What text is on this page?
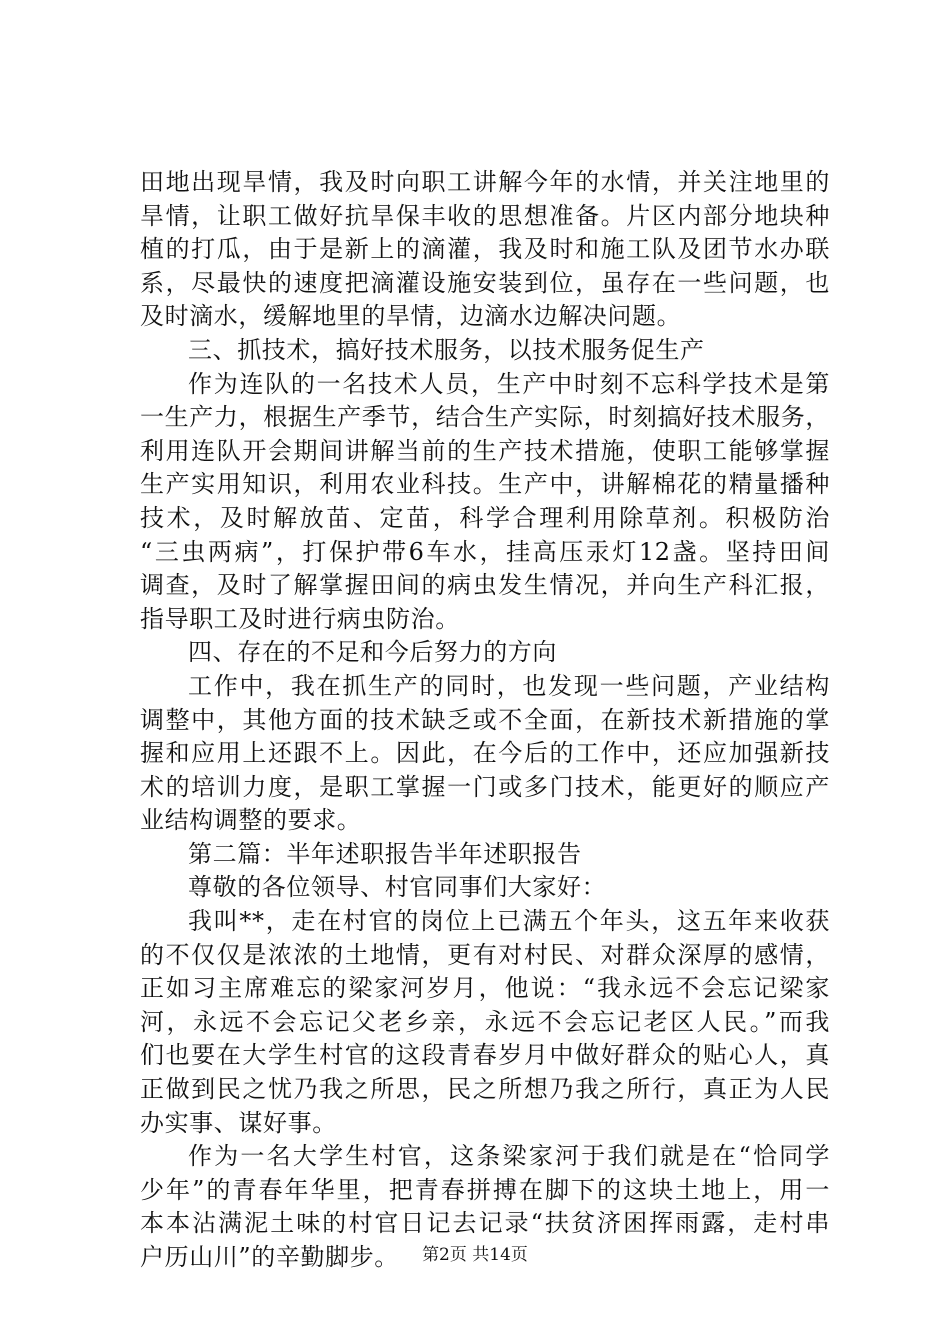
田地出现旱情，我及时向职工讲解今年的水情，并关注地里的
旱情，让职工做好抗旱保丰收的思想准备。片区内部分地块种
植的打瓜，由于是新上的滴灌，我及时和施工队及团节水办联
系，尽最快的速度把滴灌设施安装到位，虽存在一些问题，也
及时滴水，缓解地里的旱情，边滴水边解决问题。
三、抓技术，搞好技术服务，以技术服务促生产
作为连队的一名技术人员，生产中时刻不忘科学技术是第
一生产力，根据生产季节，结合生产实际，时刻搞好技术服务，
利用连队开会期间讲解当前的生产技术措施，使职工能够掌握
生产实用知识，利用农业科技。生产中，讲解棉花的精量播种
技术，及时解放苗、定苗，科学合理利用除草剂。积极防治
“三虫两病”，打保护带6车水，挂高压汞灯12盏。坚持田间
调查，及时了解掌握田间的病虫发生情况，并向生产科汇报，
指导职工及时进行病虫防治。
四、存在的不足和今后努力的方向
工作中，我在抓生产的同时，也发现一些问题，产业结构
调整中，其他方面的技术缺乏或不全面，在新技术新措施的掌
握和应用上还跟不上。因此，在今后的工作中，还应加强新技
术的培训力度，是职工掌握一门或多门技术，能更好的顺应产
业结构调整的要求。
第二篇：半年述职报告半年述职报告
尊敬的各位领导、村官同事们大家好：
我叫**，走在村官的岗位上已满五个年头，这五年来收获
的不仅仅是浓浓的土地情，更有对村民、对群众深厚的感情，
正如习主席难忘的梁家河岁月，他说：“我永远不会忘记梁家
河，永远不会忘记父老乡亲，永远不会忘记老区人民。”而我
们也要在大学生村官的这段青春岁月中做好群众的贴心人，真
正做到民之忧乃我之所思，民之所想乃我之所行，真正为人民
办实事、谋好事。
作为一名大学生村官，这条梁家河于我们就是在“恰同学
少年”的青春年华里，把青春拼搏在脚下的这块土地上，用一
本本沾满泥土味的村官日记去记录“扶贫济困挥雨露，走村串
户历山川”的辛勤脚步。	第2页 共14页
